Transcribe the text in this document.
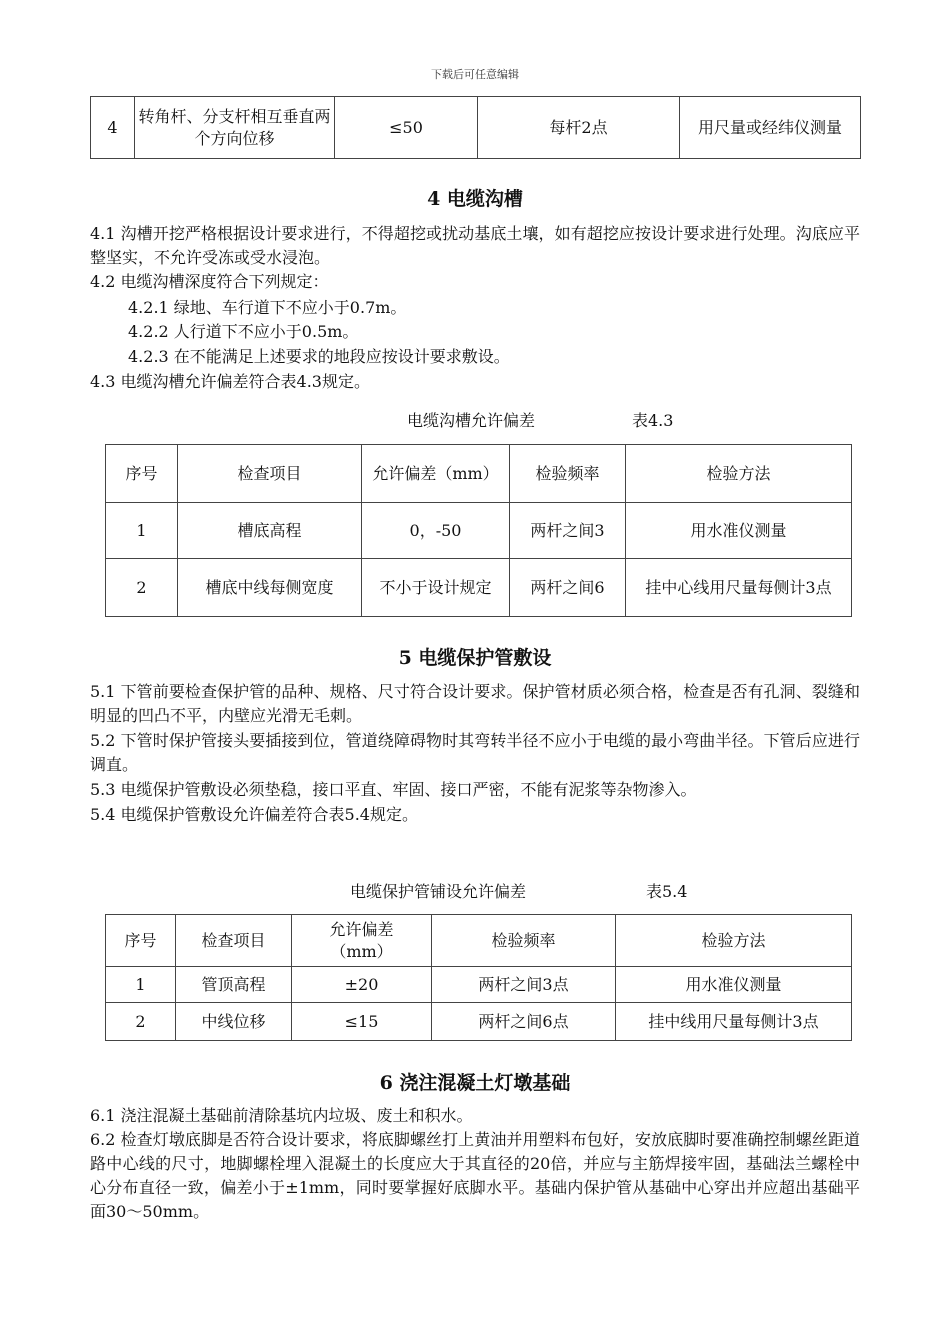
下载后可任意编辑
4	转角杆、分支杆相互垂直两个方向位移	≤50	每杆2点	用尺量或经纬仪测量
4 电缆沟槽
4.1 沟槽开挖严格根据设计要求进行，不得超挖或扰动基底土壤，如有超挖应按设计要求进行处理。沟底应平整坚实，不允许受冻或受水浸泡。
4.2 电缆沟槽深度符合下列规定：
4.2.1 绿地、车行道下不应小于0.7m。
4.2.2 人行道下不应小于0.5m。
4.2.3 在不能满足上述要求的地段应按设计要求敷设。
4.3 电缆沟槽允许偏差符合表4.3规定。
电缆沟槽允许偏差	表4.3
序号	检查项目	允许偏差（mm）	检验频率	检验方法
1	槽底高程	0，-50	两杆之间3	用水准仪测量
2	槽底中线每侧宽度	不小于设计规定	两杆之间6	挂中心线用尺量每侧计3点
5 电缆保护管敷设
5.1 下管前要检查保护管的品种、规格、尺寸符合设计要求。保护管材质必须合格，检查是否有孔洞、裂缝和明显的凹凸不平，内壁应光滑无毛刺。
5.2 下管时保护管接头要插接到位，管道绕障碍物时其弯转半径不应小于电缆的最小弯曲半径。下管后应进行调直。
5.3 电缆保护管敷设必须垫稳，接口平直、牢固、接口严密，不能有泥浆等杂物渗入。
5.4 电缆保护管敷设允许偏差符合表5.4规定。
电缆保护管铺设允许偏差	表5.4
序号	检查项目	允许偏差（mm）	检验频率	检验方法
1	管顶高程	±20	两杆之间3点	用水准仪测量
2	中线位移	≤15	两杆之间6点	挂中线用尺量每侧计3点
6 浇注混凝土灯墩基础
6.1 浇注混凝土基础前清除基坑内垃圾、废土和积水。
6.2 检查灯墩底脚是否符合设计要求，将底脚螺丝打上黄油并用塑料布包好，安放底脚时要准确控制螺丝距道路中心线的尺寸，地脚螺栓埋入混凝土的长度应大于其直径的20倍，并应与主筋焊接牢固，基础法兰螺栓中心分布直径一致，偏差小于±1mm，同时要掌握好底脚水平。基础内保护管从基础中心穿出并应超出基础平面30～50mm。
